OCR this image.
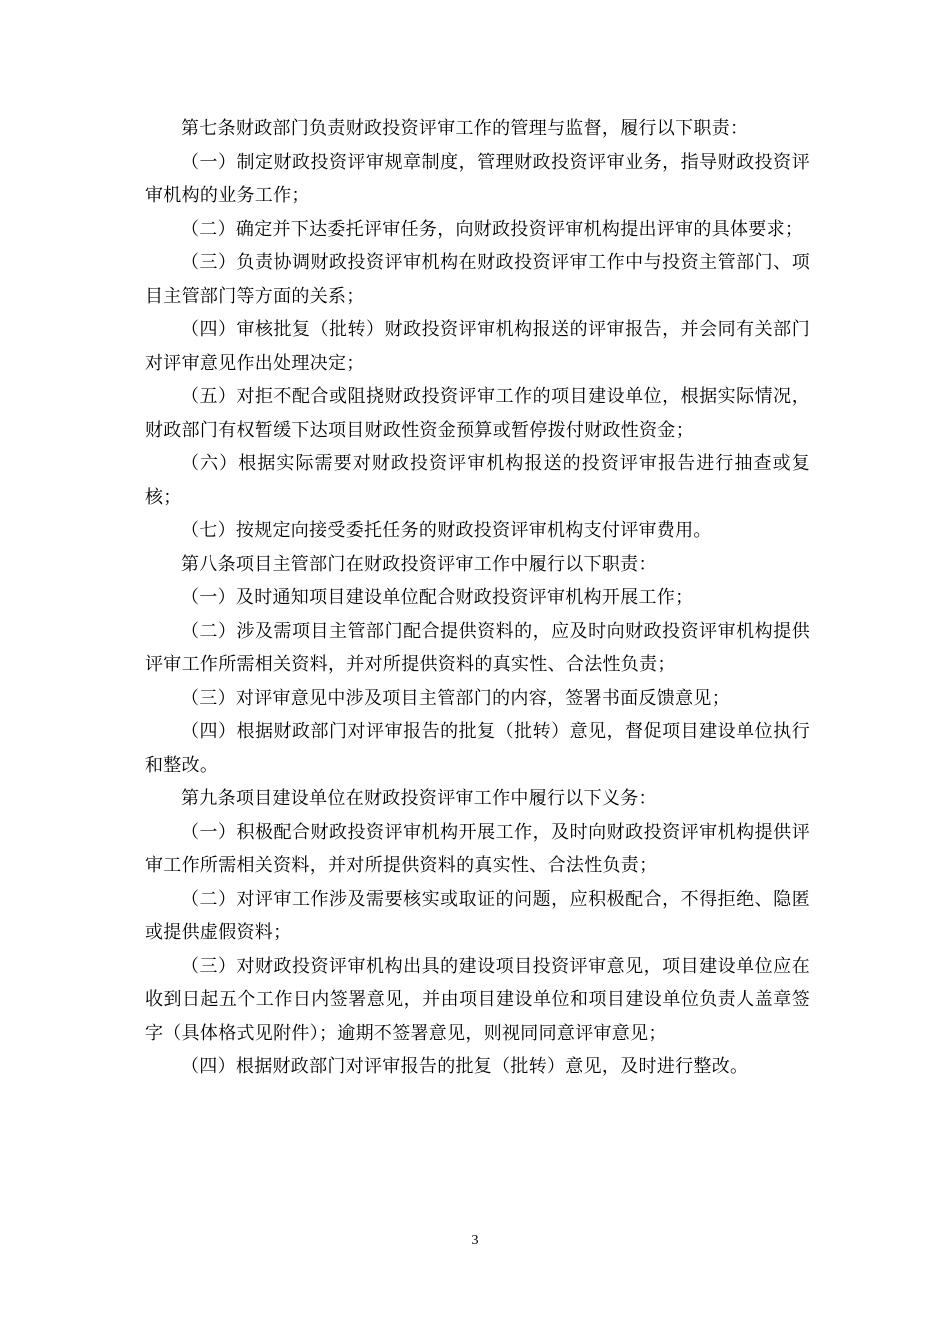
第七条财政部门负责财政投资评审工作的管理与监督，履行以下职责：

（一）制定财政投资评审规章制度，管理财政投资评审业务，指导财政投资评审机构的业务工作；

（二）确定并下达委托评审任务，向财政投资评审机构提出评审的具体要求；

（三）负责协调财政投资评审机构在财政投资评审工作中与投资主管部门、项目主管部门等方面的关系；

（四）审核批复（批转）财政投资评审机构报送的评审报告，并会同有关部门对评审意见作出处理决定；

（五）对拒不配合或阻挠财政投资评审工作的项目建设单位，根据实际情况，财政部门有权暂缓下达项目财政性资金预算或暂停拨付财政性资金；

（六）根据实际需要对财政投资评审机构报送的投资评审报告进行抽查或复核；

（七）按规定向接受委托任务的财政投资评审机构支付评审费用。

第八条项目主管部门在财政投资评审工作中履行以下职责：

（一）及时通知项目建设单位配合财政投资评审机构开展工作；

（二）涉及需项目主管部门配合提供资料的，应及时向财政投资评审机构提供评审工作所需相关资料，并对所提供资料的真实性、合法性负责；

（三）对评审意见中涉及项目主管部门的内容，签署书面反馈意见；

（四）根据财政部门对评审报告的批复（批转）意见，督促项目建设单位执行和整改。

第九条项目建设单位在财政投资评审工作中履行以下义务：

（一）积极配合财政投资评审机构开展工作，及时向财政投资评审机构提供评审工作所需相关资料，并对所提供资料的真实性、合法性负责；

（二）对评审工作涉及需要核实或取证的问题，应积极配合，不得拒绝、隐匿或提供虚假资料；

（三）对财政投资评审机构出具的建设项目投资评审意见，项目建设单位应在收到日起五个工作日内签署意见，并由项目建设单位和项目建设单位负责人盖章签字（具体格式见附件）；逾期不签署意见，则视同同意评审意见；

（四）根据财政部门对评审报告的批复（批转）意见，及时进行整改。

3
